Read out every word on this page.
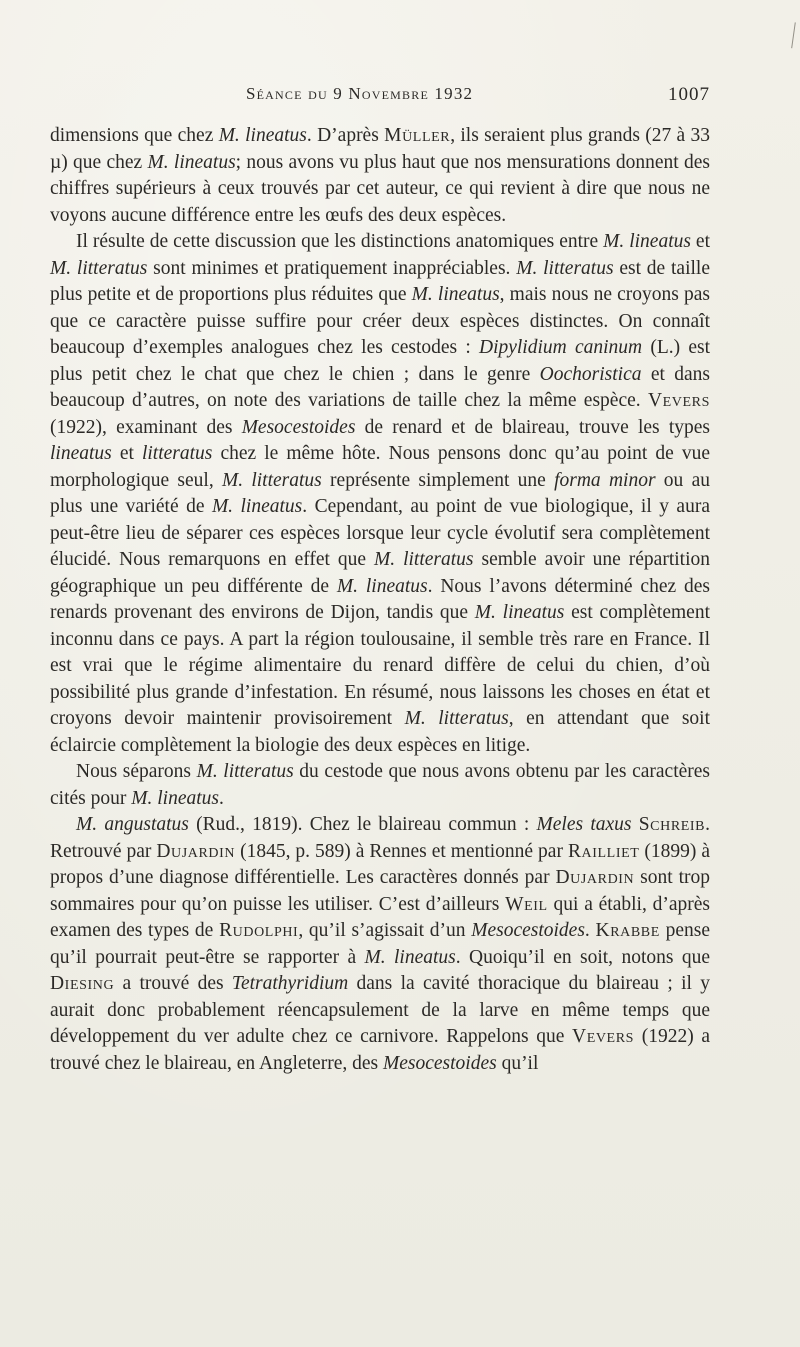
Séance du 9 Novembre 1932	1007

dimensions que chez M. lineatus. D’après Müller, ils seraient plus grands (27 à 33 µ) que chez M. lineatus; nous avons vu plus haut que nos mensurations donnent des chiffres supérieurs à ceux trouvés par cet auteur, ce qui revient à dire que nous ne voyons aucune différence entre les œufs des deux espèces.

Il résulte de cette discussion que les distinctions anatomiques entre M. lineatus et M. litteratus sont minimes et pratiquement inappréciables. M. litteratus est de taille plus petite et de proportions plus réduites que M. lineatus, mais nous ne croyons pas que ce caractère puisse suffire pour créer deux espèces distinctes. On connaît beaucoup d’exemples analogues chez les cestodes : Dipylidium caninum (L.) est plus petit chez le chat que chez le chien ; dans le genre Oochoristica et dans beaucoup d’autres, on note des variations de taille chez la même espèce. Vevers (1922), examinant des Mesocestoides de renard et de blaireau, trouve les types lineatus et litteratus chez le même hôte. Nous pensons donc qu’au point de vue morphologique seul, M. litteratus représente simplement une forma minor ou au plus une variété de M. lineatus. Cependant, au point de vue biologique, il y aura peut-être lieu de séparer ces espèces lorsque leur cycle évolutif sera complètement élucidé. Nous remarquons en effet que M. litteratus semble avoir une répartition géographique un peu différente de M. lineatus. Nous l’avons déterminé chez des renards provenant des environs de Dijon, tandis que M. lineatus est complètement inconnu dans ce pays. A part la région toulousaine, il semble très rare en France. Il est vrai que le régime alimentaire du renard diffère de celui du chien, d’où possibilité plus grande d’infestation. En résumé, nous laissons les choses en état et croyons devoir maintenir provisoirement M. litteratus, en attendant que soit éclaircie complètement la biologie des deux espèces en litige.

Nous séparons M. litteratus du cestode que nous avons obtenu par les caractères cités pour M. lineatus.

M. angustatus (Rud., 1819). Chez le blaireau commun : Meles taxus Schreib. Retrouvé par Dujardin (1845, p. 589) à Rennes et mentionné par Railliet (1899) à propos d’une diagnose différentielle. Les caractères donnés par Dujardin sont trop sommaires pour qu’on puisse les utiliser. C’est d’ailleurs Weil qui a établi, d’après examen des types de Rudolphi, qu’il s’agissait d’un Mesocestoides. Krabbe pense qu’il pourrait peut-être se rapporter à M. lineatus. Quoiqu’il en soit, notons que Diesing a trouvé des Tetrathyridium dans la cavité thoracique du blaireau ; il y aurait donc probablement réencapsulement de la larve en même temps que développement du ver adulte chez ce carnivore. Rappelons que Vevers (1922) a trouvé chez le blaireau, en Angleterre, des Mesocestoides qu’il
